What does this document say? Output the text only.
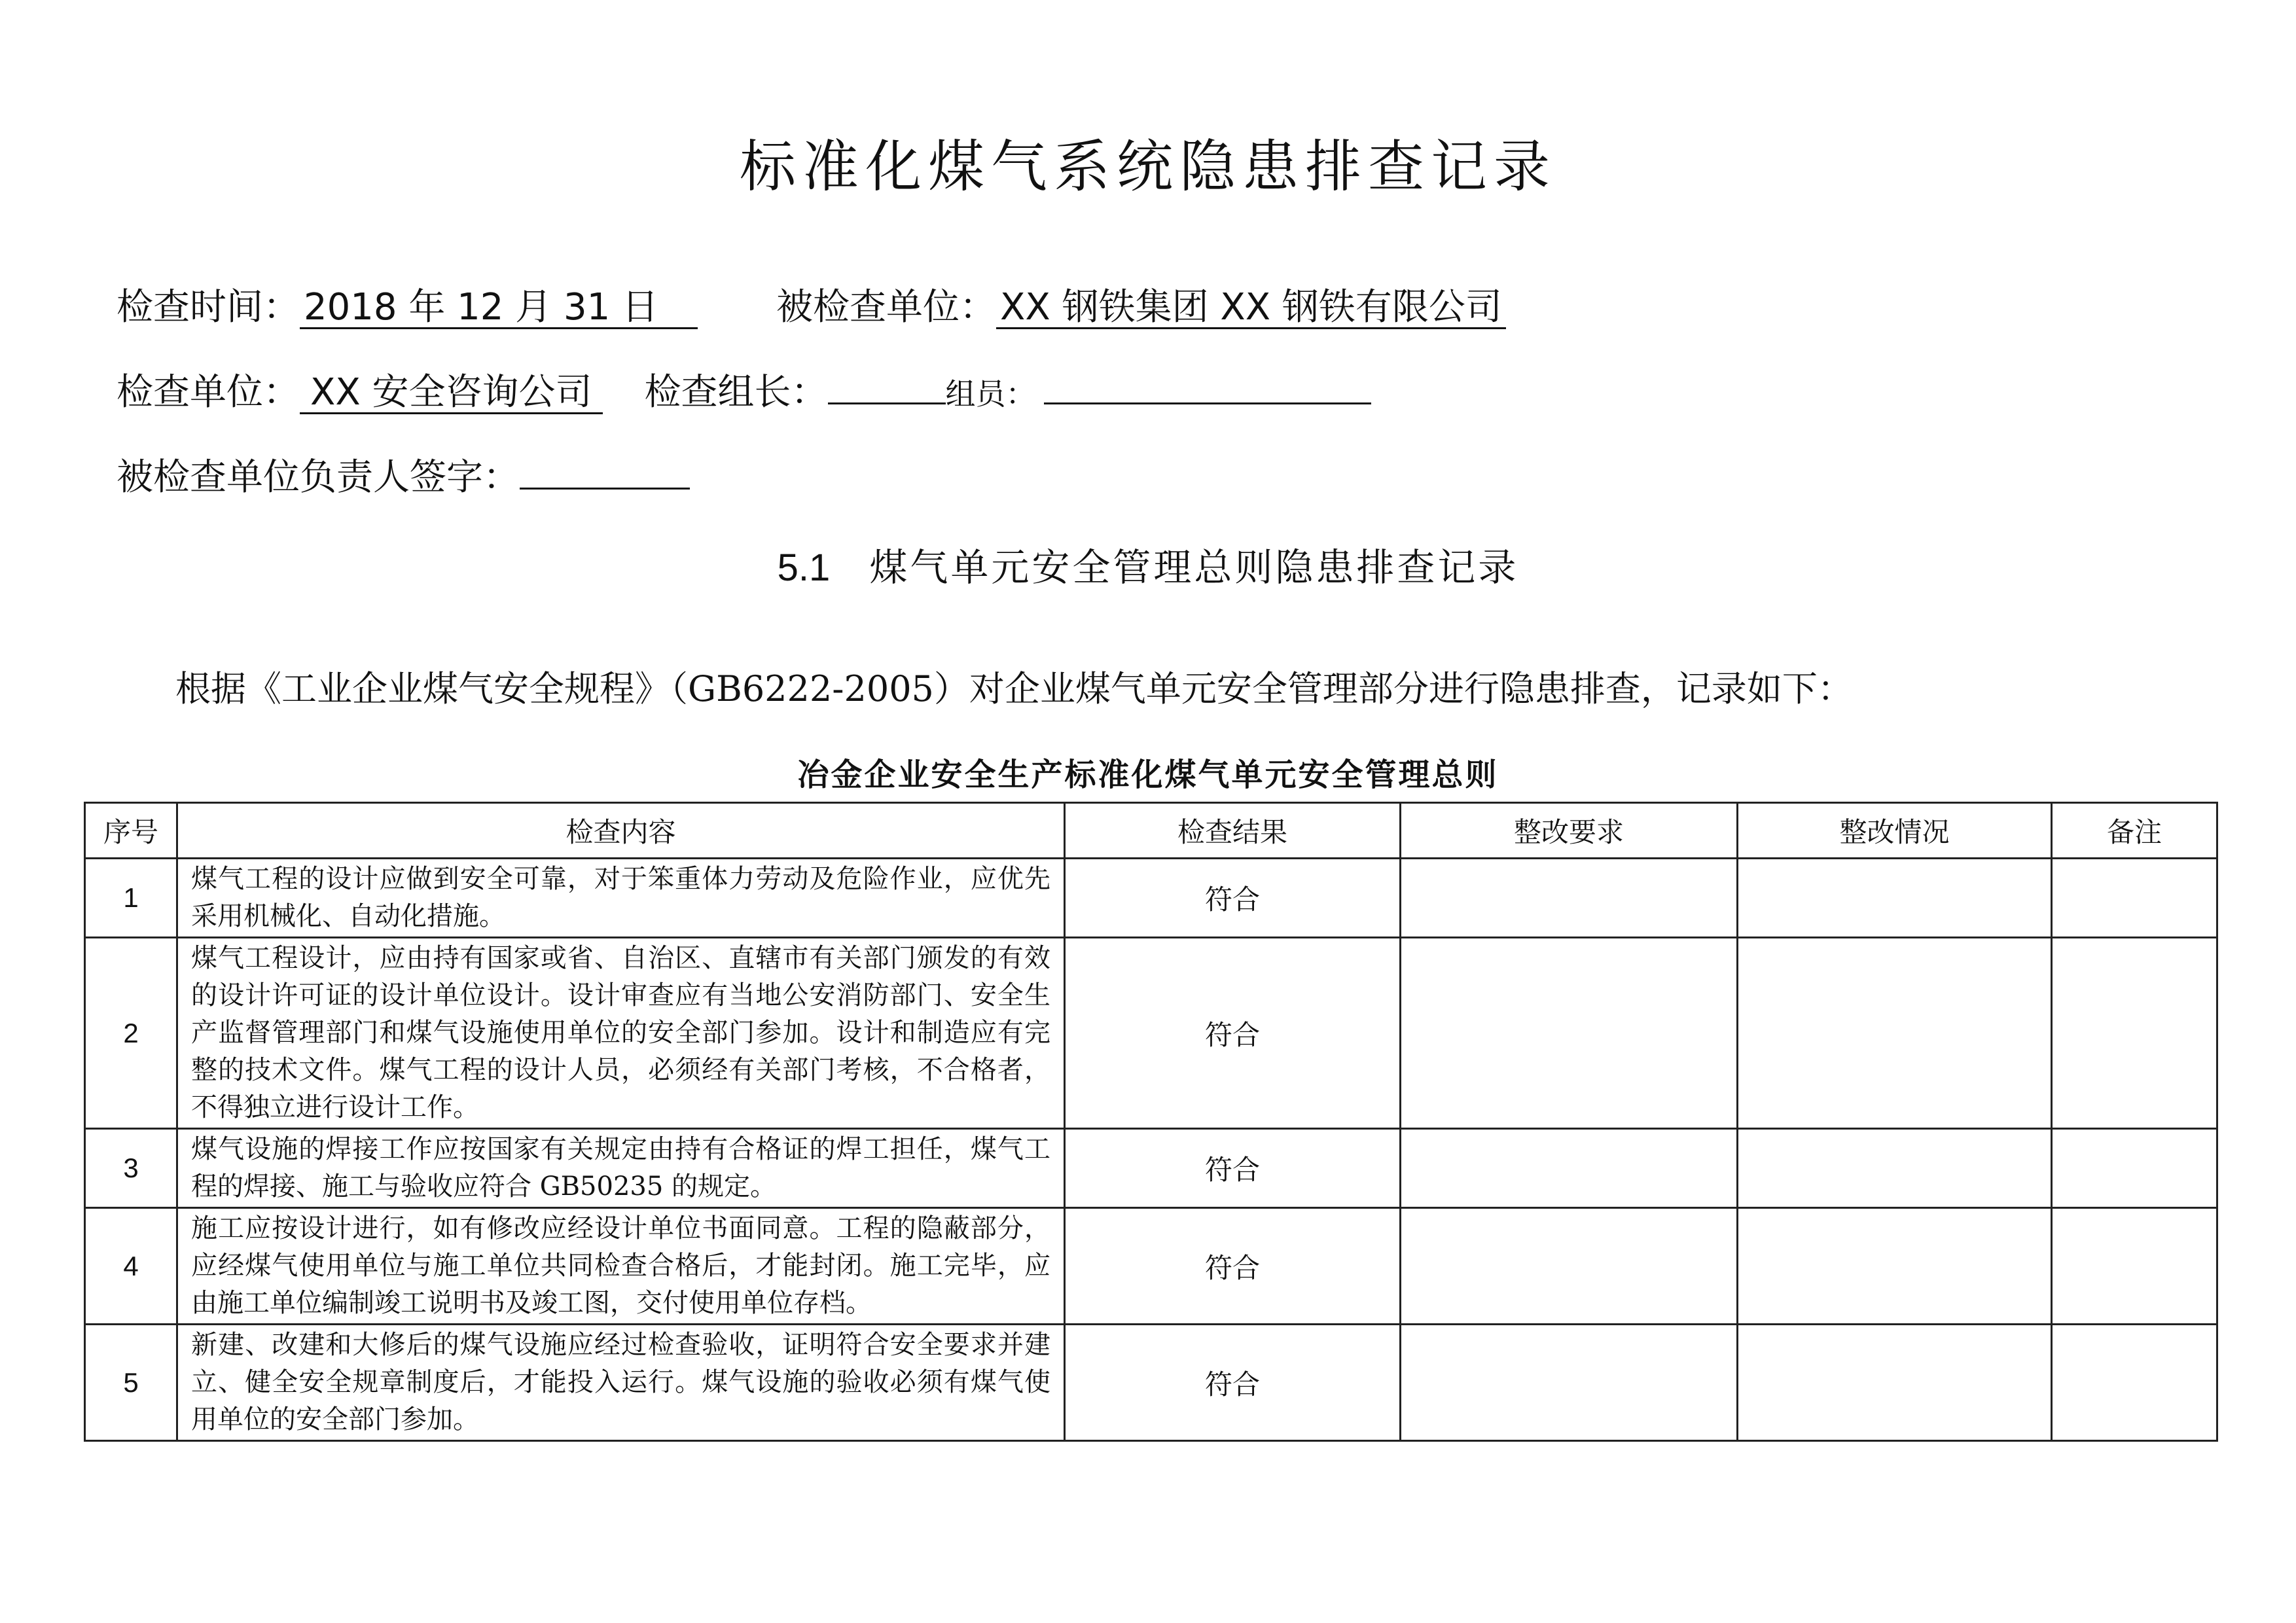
标准化煤气系统隐患排查记录
检查时间： 2018 年 12 月 31 日	被检查单位： XX 钢铁集团 XX 钢铁有限公司
检查单位： XX 安全咨询公司 检查组长：	组员：
被检查单位负责人签字：
5.1 煤气单元安全管理总则隐患排查记录
根据《工业企业煤气安全规程》（GB6222-2005）对企业煤气单元安全管理部分进行隐患排查，记录如下：
冶金企业安全生产标准化煤气单元安全管理总则
序号	检查内容	检查结果	整改要求	整改情况	备注
1	煤气工程的设计应做到安全可靠，对于笨重体力劳动及危险作业，应优先采用机械化、自动化措施。	符合			
2	煤气工程设计，应由持有国家或省、自治区、直辖市有关部门颁发的有效的设计许可证的设计单位设计。设计审查应有当地公安消防部门、安全生产监督管理部门和煤气设施使用单位的安全部门参加。设计和制造应有完整的技术文件。煤气工程的设计人员，必须经有关部门考核，不合格者，不得独立进行设计工作。	符合			
3	煤气设施的焊接工作应按国家有关规定由持有合格证的焊工担任，煤气工程的焊接、施工与验收应符合 GB50235 的规定。	符合			
4	施工应按设计进行，如有修改应经设计单位书面同意。工程的隐蔽部分，应经煤气使用单位与施工单位共同检查合格后，才能封闭。施工完毕，应由施工单位编制竣工说明书及竣工图，交付使用单位存档。	符合			
5	新建、改建和大修后的煤气设施应经过检查验收，证明符合安全要求并建立、健全安全规章制度后，才能投入运行。煤气设施的验收必须有煤气使用单位的安全部门参加。	符合			
